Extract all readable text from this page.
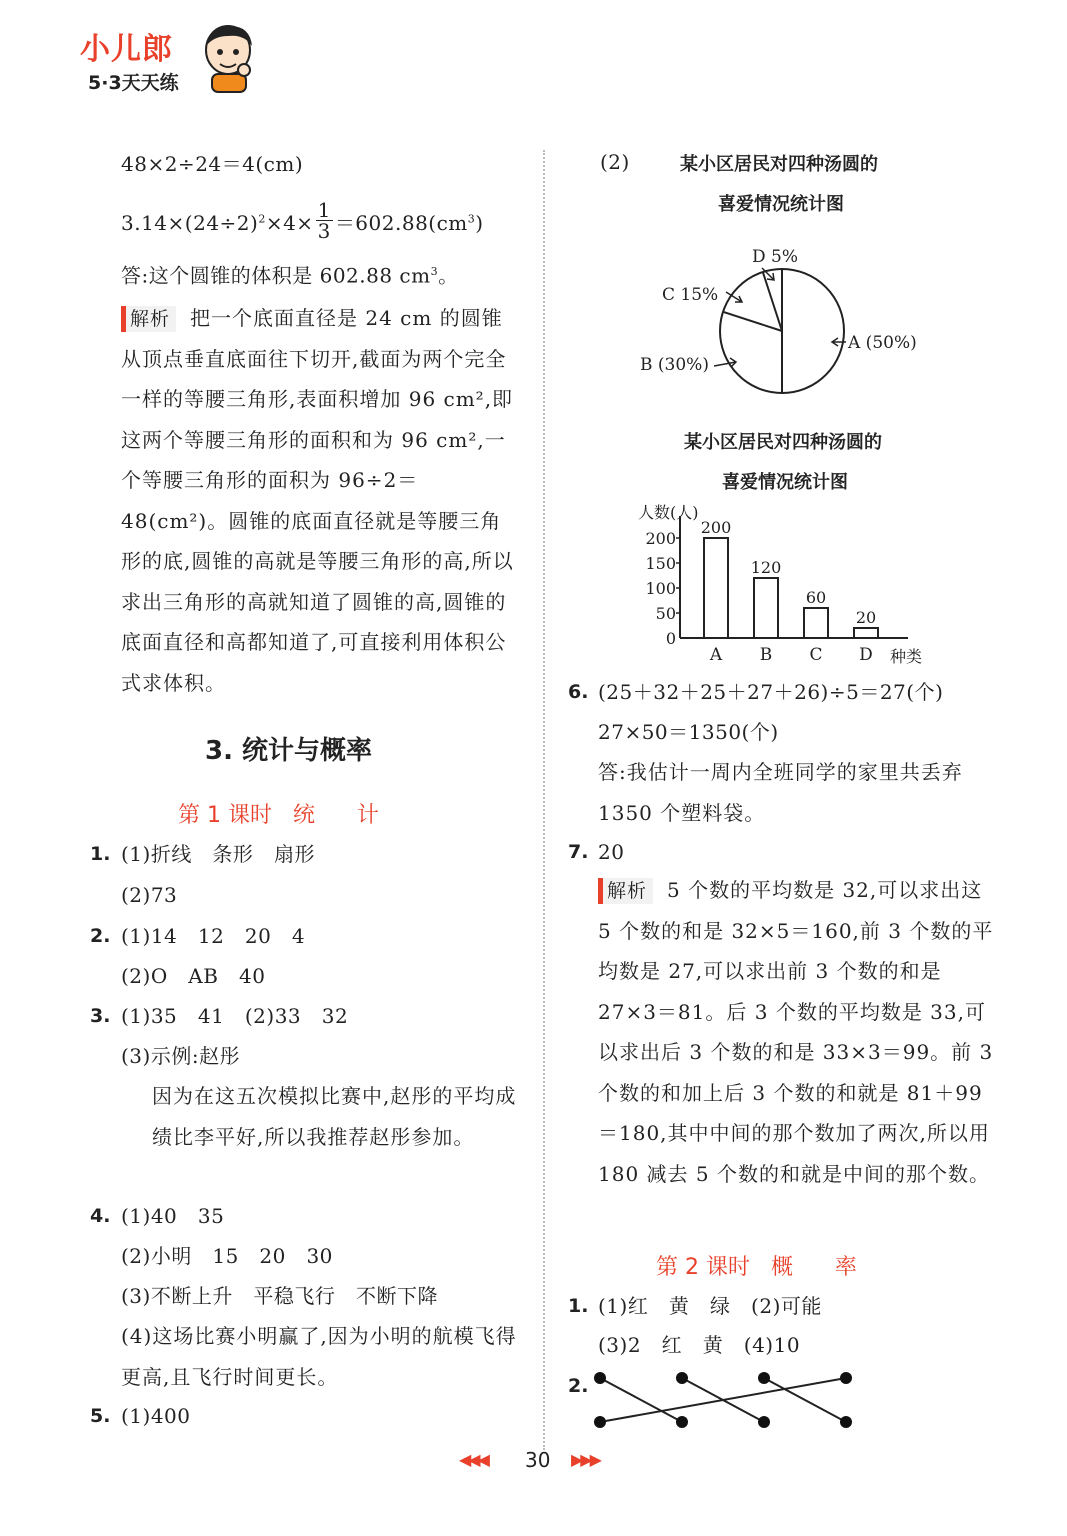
小儿郎
5·3天天练
48×2÷24＝4(cm)
$3.14\times(24\div 2)^2\times 4\times \frac{1}{3} =602.88(cm^3)$
答:这个圆锥的体积是 602.88 $cm^3$。
解析 把一个底面直径是 24 cm 的圆锥从顶点垂直底面往下切开,截面为两个完全一样的等腰三角形,表面积增加 96 cm²,即这两个等腰三角形的面积和为 96 cm²,一个等腰三角形的面积为 96÷2＝48(cm²)。圆锥的底面直径就是等腰三角形的底,圆锥的高就是等腰三角形的高,所以求出三角形的高就知道了圆锥的高,圆锥的底面直径和高都知道了,可直接利用体积公式求体积。
3. 统计与概率
第 1 课时   统      计
1. (1)折线   条形   扇形
(2)73
2. (1)14   12   20   4
(2)O   AB   40
3. (1)35   41   (2)33   32
(3)示例:赵彤
因为在这五次模拟比赛中,赵彤的平均成绩比李平好,所以我推荐赵彤参加。
4. (1)40   35
(2)小明   15   20   30
(3)不断上升   平稳飞行   不断下降
(4)这场比赛小明赢了,因为小明的航模飞得更高,且飞行时间更长。
5. (1)400
(2)	某小区居民对四种汤圆的
喜爱情况统计图
D 5%
C 15%
B (30%)
A (50%)
某小区居民对四种汤圆的
喜爱情况统计图
人数(人)
种类
0
50
100
150
200
200
A
120
B
60
C
20
D
6. (25＋32＋25＋27＋26)÷5＝27(个)
27×50＝1350(个)
答:我估计一周内全班同学的家里共丢弃 1350 个塑料袋。
7. 20
解析 5 个数的平均数是 32,可以求出这 5 个数的和是 32×5＝160,前 3 个数的平均数是 27,可以求出前 3 个数的和是 27×3＝81。后 3 个数的平均数是 33,可以求出后 3 个数的和是 33×3＝99。前 3 个数的和加上后 3 个数的和就是 81＋99＝180,其中中间的那个数加了两次,所以用 180 减去 5 个数的和就是中间的那个数。
第 2 课时   概      率
1. (1)红   黄   绿   (2)可能
(3)2   红   黄   (4)10
2.
◀◀◀ 30 ▶▶▶
